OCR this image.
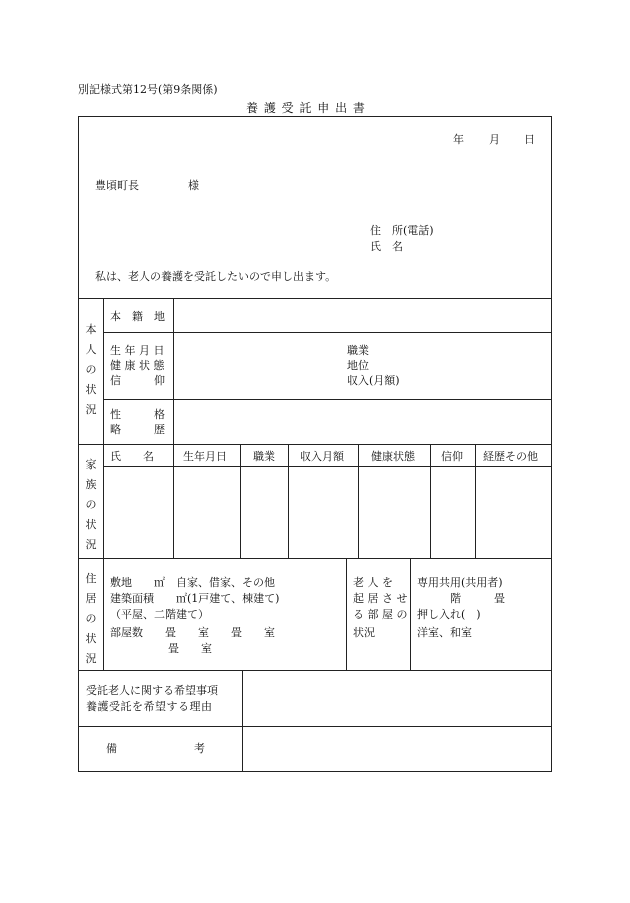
別記様式第12号(第9条関係)
養 護 受 託 申 出 書
年 月 日
豊頃町長	様
住　所(電話)
氏　名
私は、老人の養護を受託したいので申し出ます。
本
人
の
状
況
本　籍　地
生 年 月 日
健 康 状 態
信　　　仰
職業
地位
収入(月額)
性　　　格
略　　　歴
家
族
の
状
況
氏　　名	生年月日 職業 収入月額 健康状態 信仰 経歴その他
住
居
の
状
況
敷地　　㎡　自家、借家、その他
建築面積　　㎡(1戸建て、棟建て)
（平屋、二階建て）
部屋数　　畳　　室　　畳　　室
畳　　室
老 人 を
起 居 さ せ
る 部 屋 の
状況
専用共用(共用者)
階　　　畳
押し入れ(　)
洋室、和室
受託老人に関する希望事項
養護受託を希望する理由
備　　　　　　　考
